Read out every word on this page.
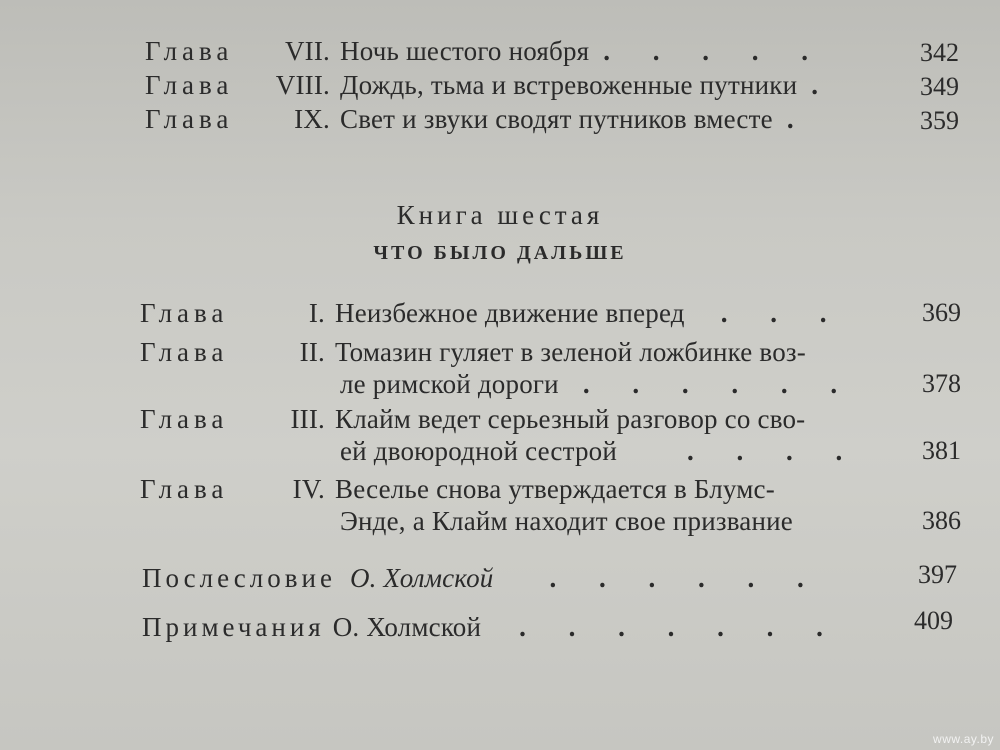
Глава	VII. Ночь шестого ноября . . . . .	342
Глава	VIII. Дождь, тьма и встревоженные путники .	349
Глава	IX. Свет и звуки сводят путников вместе .	359
Книга шестая
ЧТО БЫЛО ДАЛЬШЕ
Глава	I. Неизбежное движение вперед . . .	369
Глава	II. Томазин гуляет в зеленой ложбинке воз-
ле римской дороги . . . . . .	378
Глава	III. Клайм ведет серьезный разговор со сво-
ей двоюродной сестрой	. . . . 381
Глава	IV. Веселье снова утверждается в Блумс-
Энде, а Клайм находит свое призвание	386
Послесловие О. Холмской . . . . . .	397
Примечания О. Холмской . . . . . . .	409
www.ay.by
